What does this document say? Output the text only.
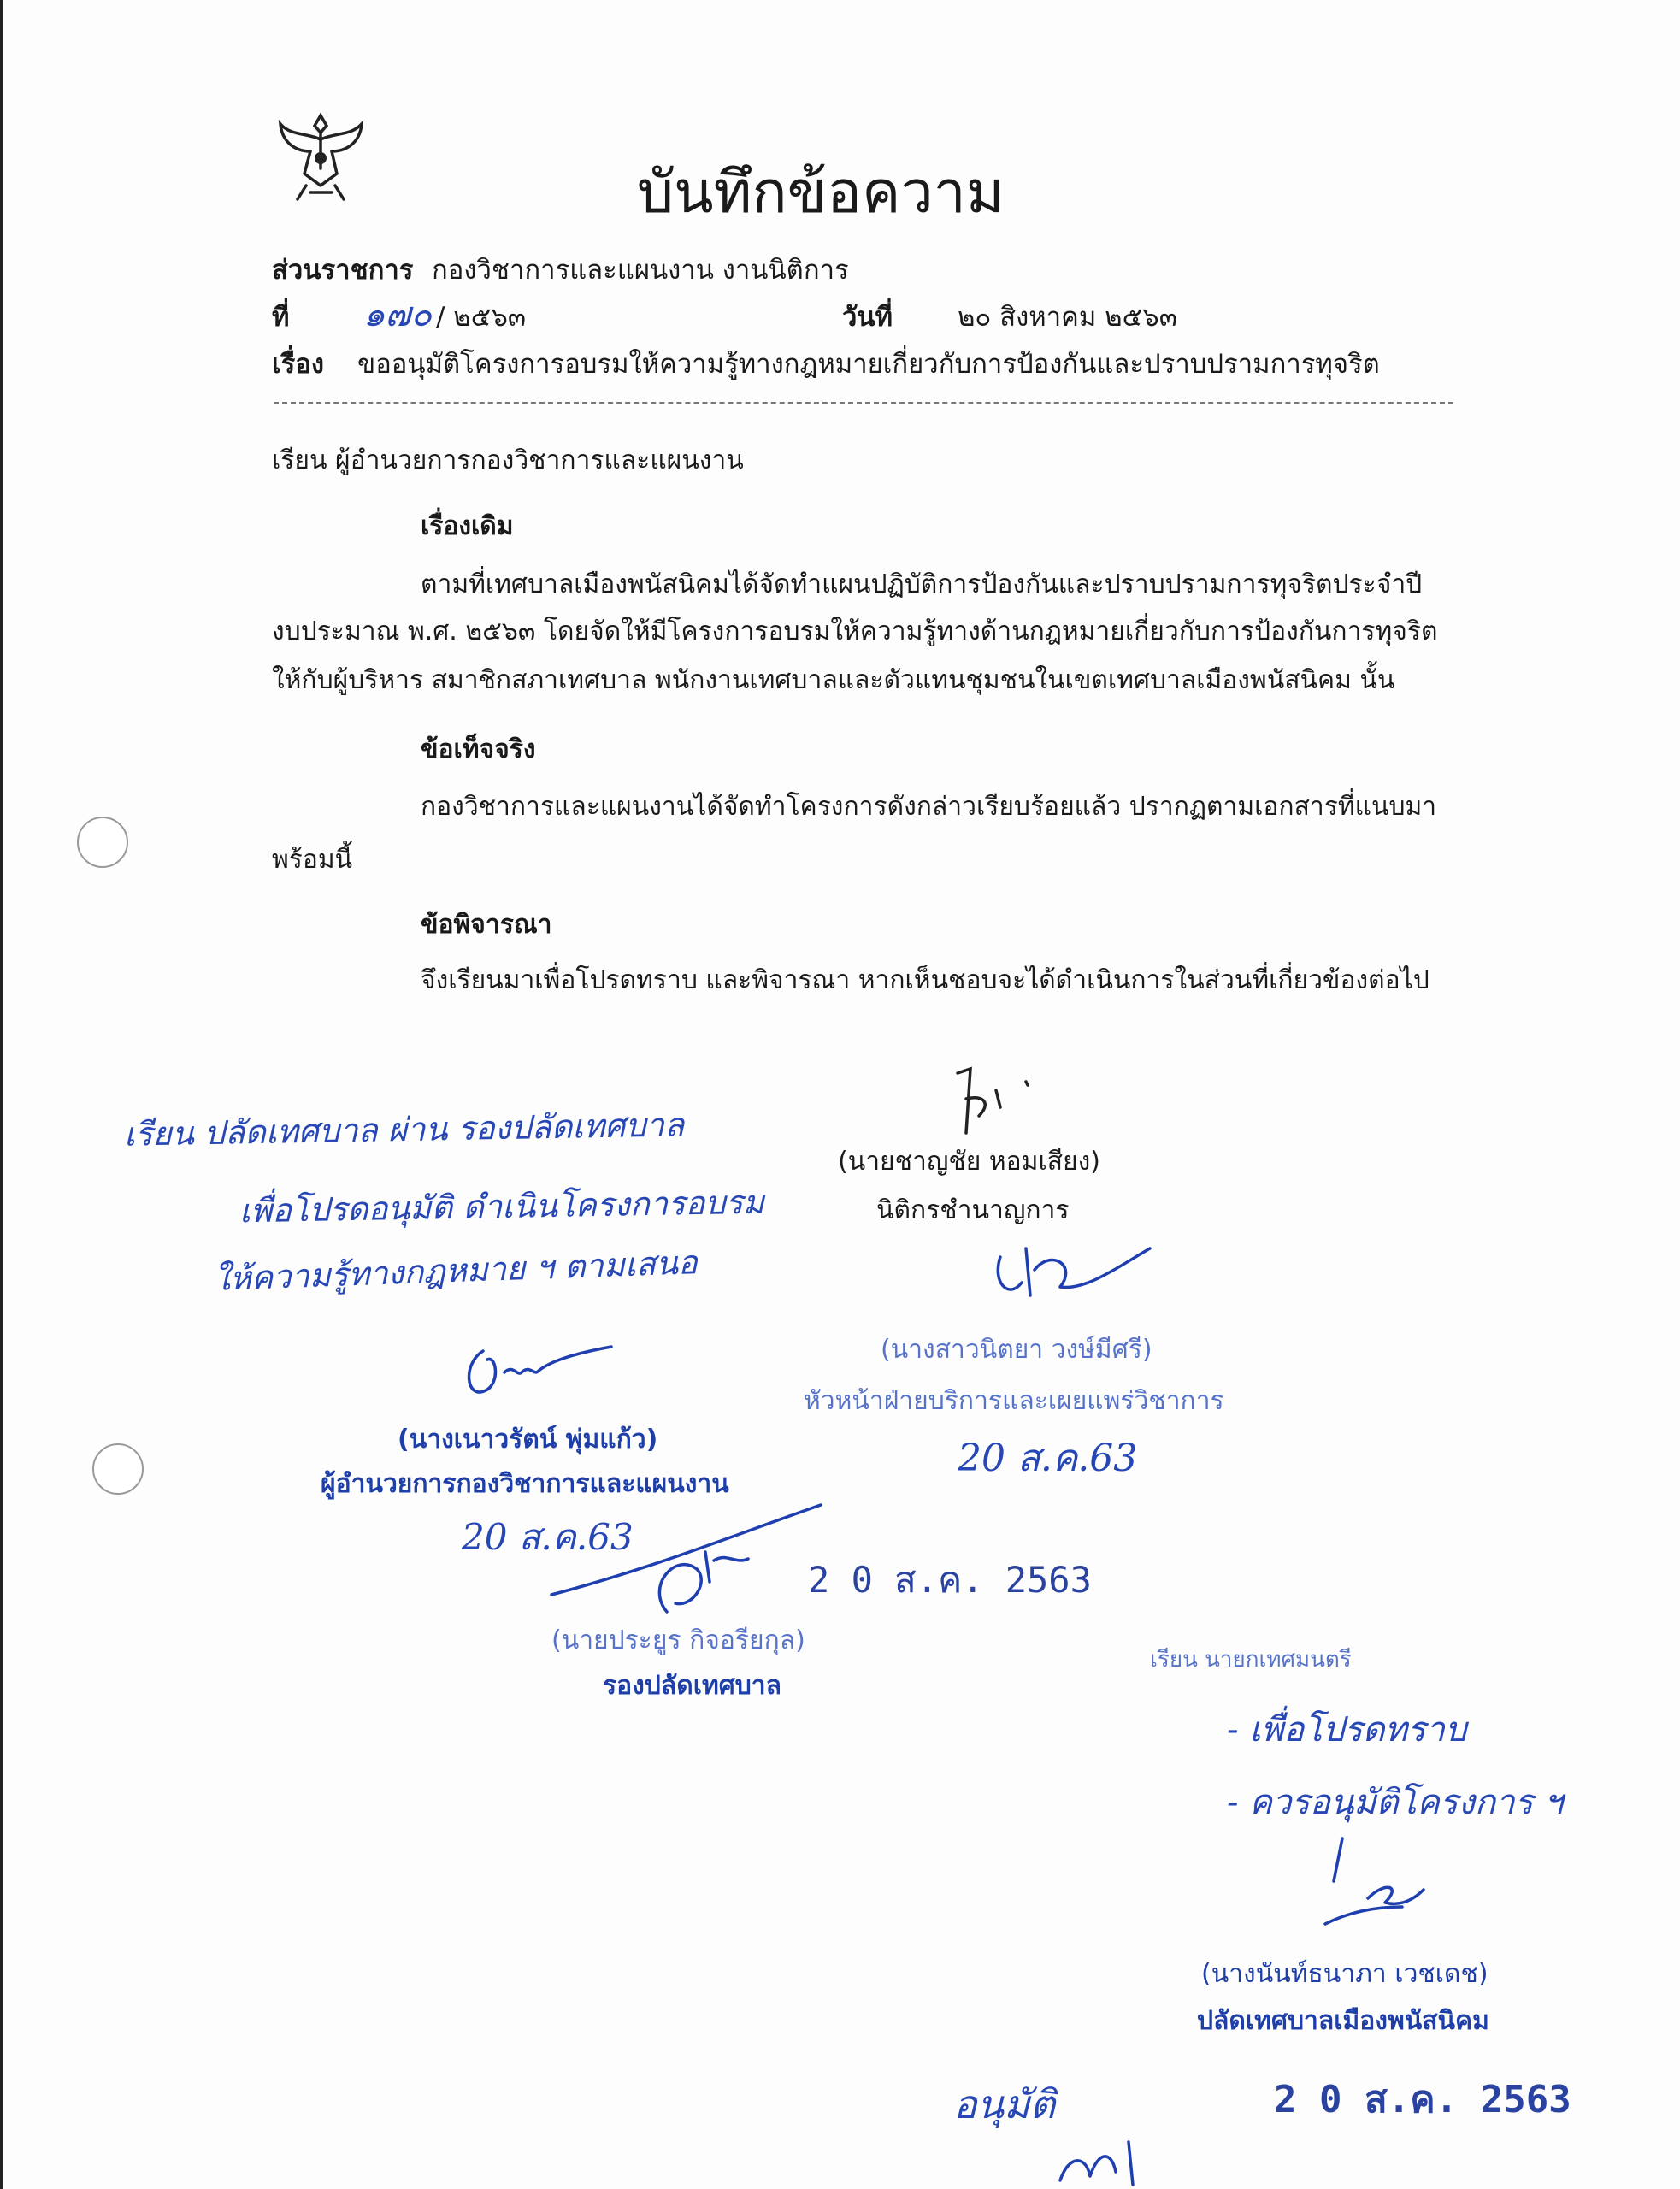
บันทึกข้อความ
ส่วนราชการ กองวิชาการและแผนงาน งานนิติการ
ที่ ๑๗๐ / ๒๕๖๓	วันที่ ๒๐ สิงหาคม ๒๕๖๓
เรื่อง ขออนุมัติโครงการอบรมให้ความรู้ทางกฎหมายเกี่ยวกับการป้องกันและปราบปรามการทุจริต
เรียน ผู้อำนวยการกองวิชาการและแผนงาน
เรื่องเดิม
ตามที่เทศบาลเมืองพนัสนิคมได้จัดทำแผนปฏิบัติการป้องกันและปราบปรามการทุจริตประจำปี
งบประมาณ พ.ศ. ๒๕๖๓ โดยจัดให้มีโครงการอบรมให้ความรู้ทางด้านกฎหมายเกี่ยวกับการป้องกันการทุจริต
ให้กับผู้บริหาร สมาชิกสภาเทศบาล พนักงานเทศบาลและตัวแทนชุมชนในเขตเทศบาลเมืองพนัสนิคม นั้น
ข้อเท็จจริง
กองวิชาการและแผนงานได้จัดทำโครงการดังกล่าวเรียบร้อยแล้ว ปรากฏตามเอกสารที่แนบมา
พร้อมนี้
ข้อพิจารณา
จึงเรียนมาเพื่อโปรดทราบ และพิจารณา หากเห็นชอบจะได้ดำเนินการในส่วนที่เกี่ยวข้องต่อไป
(นายชาญชัย หอมเสียง)
นิติกรชำนาญการ
เรียน ปลัดเทศบาล ผ่าน รองปลัดเทศบาล
เพื่อโปรดอนุมัติ ดำเนินโครงการอบรม
ให้ความรู้ทางกฎหมาย ฯ ตามเสนอ
(นางสาวนิตยา วงษ์มีศรี)
หัวหน้าฝ่ายบริการและเผยแพร่วิชาการ
20 ส.ค.63
(นางเนาวรัตน์ พุ่มแก้ว)
ผู้อำนวยการกองวิชาการและแผนงาน
20 ส.ค.63
2 0 ส.ค. 2563
(นายประยูร กิจอรียกุล)
รองปลัดเทศบาล
เรียน นายกเทศมนตรี
- เพื่อโปรดทราบ
- ควรอนุมัติโครงการ ฯ
(นางนันท์ธนาภา เวชเดช)
ปลัดเทศบาลเมืองพนัสนิคม
2 0 ส.ค. 2563
อนุมัติ
